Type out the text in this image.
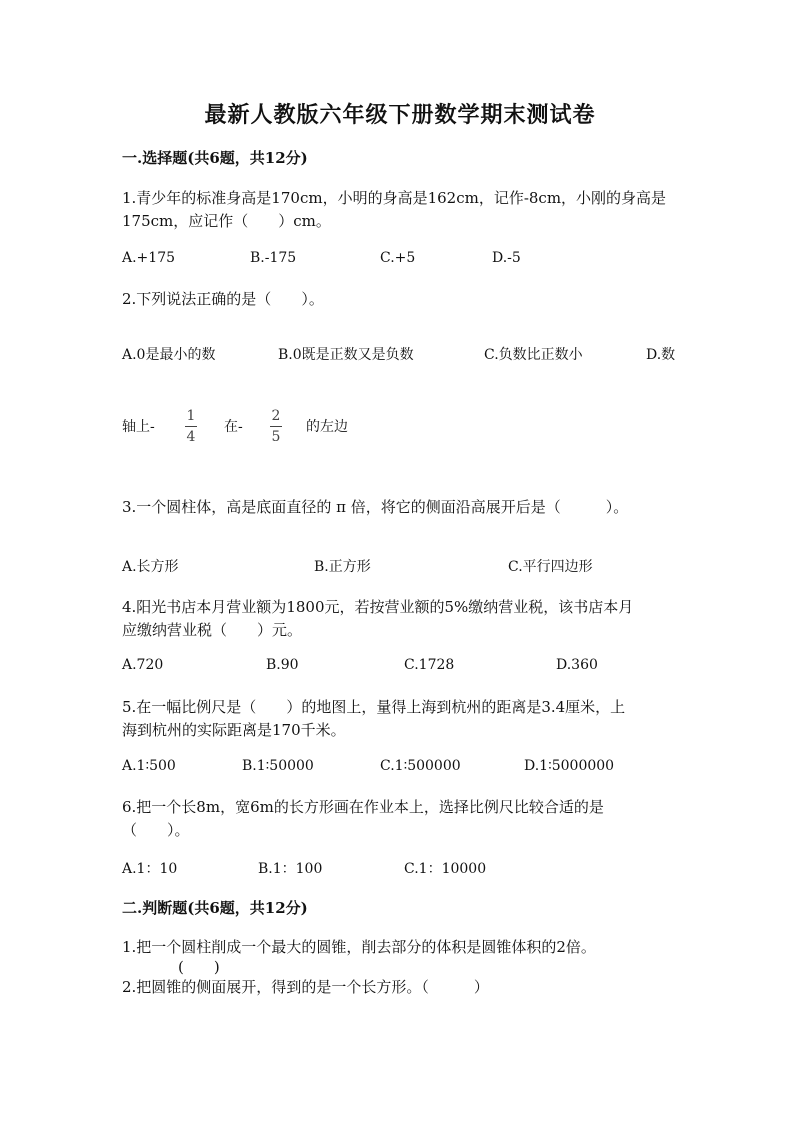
最新人教版六年级下册数学期末测试卷
一.选择题(共6题，共12分)
1.青少年的标准身高是170cm，小明的身高是162cm，记作-8cm，小刚的身高是
175cm，应记作（　　）cm。
A.+175	B.-175	C.+5	D.-5
2.下列说法正确的是（　　）。
A.0是最小的数	B.0既是正数又是负数	C.负数比正数小	D.数
轴上-
1
4
在-
2
5
的左边
3.一个圆柱体，高是底面直径的 π 倍，将它的侧面沿高展开后是（　　　）。
A.长方形	B.正方形	C.平行四边形
4.阳光书店本月营业额为1800元，若按营业额的5%缴纳营业税，该书店本月
应缴纳营业税（　　）元。
A.720	B.90	C.1728	D.360
5.在一幅比例尺是（　　）的地图上，量得上海到杭州的距离是3.4厘米，上
海到杭州的实际距离是170千米。
A.1∶500	B.1∶50000	C.1∶500000	D.1∶5000000
6.把一个长8m，宽6m的长方形画在作业本上，选择比例尺比较合适的是
（　　）。
A.1：10	B.1：100	C.1：10000
二.判断题(共6题，共12分)
1.把一个圆柱削成一个最大的圆锥，削去部分的体积是圆锥体积的2倍。
(　　)
2.把圆锥的侧面展开，得到的是一个长方形。（　　　）
